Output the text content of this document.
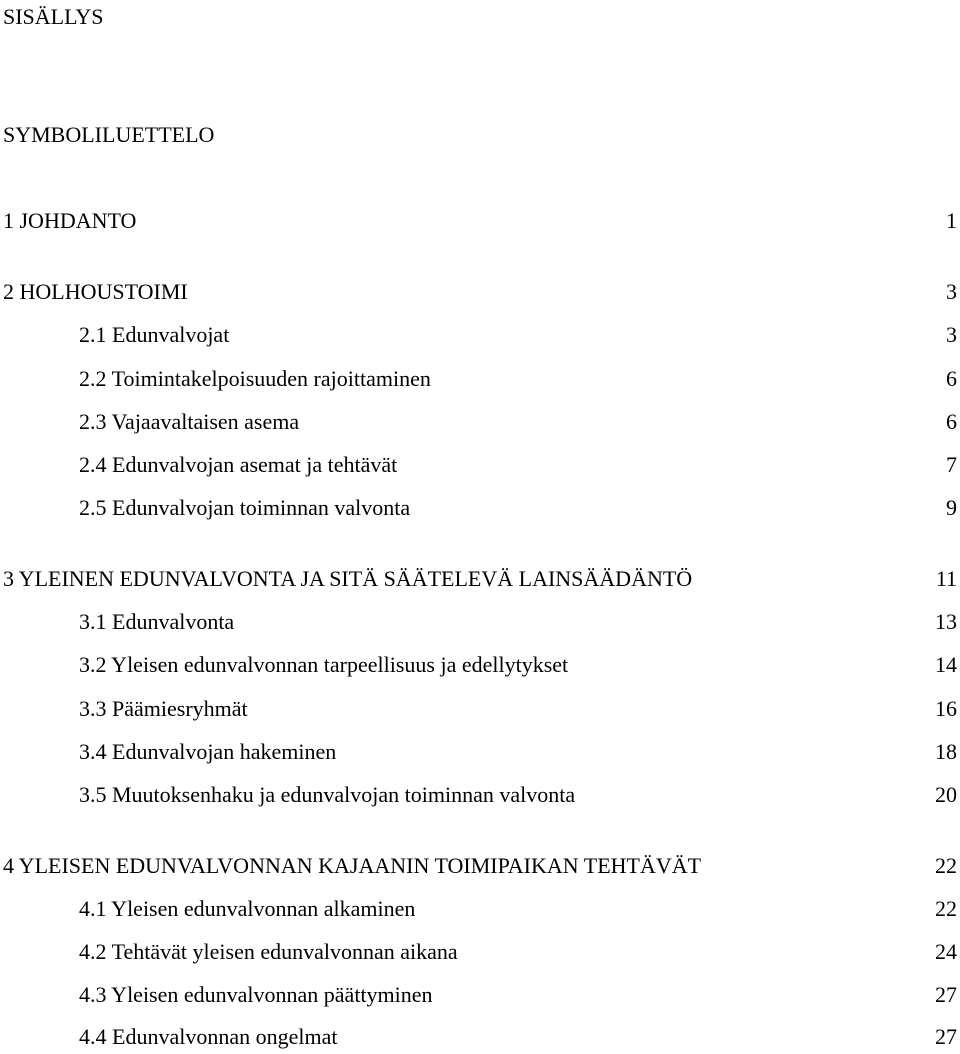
SISÄLLYS
SYMBOLILUETTELO
1 JOHDANTO	1
2 HOLHOUSTOIMI	3
2.1 Edunvalvojat	3
2.2 Toimintakelpoisuuden rajoittaminen	6
2.3 Vajaavaltaisen asema	6
2.4 Edunvalvojan asemat ja tehtävät	7
2.5 Edunvalvojan toiminnan valvonta	9
3 YLEINEN EDUNVALVONTA JA SITÄ SÄÄTELEVÄ LAINSÄÄDÄNTÖ	11
3.1 Edunvalvonta	13
3.2 Yleisen edunvalvonnan tarpeellisuus ja edellytykset	14
3.3 Päämiesryhmät	16
3.4 Edunvalvojan hakeminen	18
3.5 Muutoksenhaku ja edunvalvojan toiminnan valvonta	20
4 YLEISEN EDUNVALVONNAN KAJAANIN TOIMIPAIKAN TEHTÄVÄT	22
4.1 Yleisen edunvalvonnan alkaminen	22
4.2 Tehtävät yleisen edunvalvonnan aikana	24
4.3 Yleisen edunvalvonnan päättyminen	27
4.4 Edunvalvonnan ongelmat	27
